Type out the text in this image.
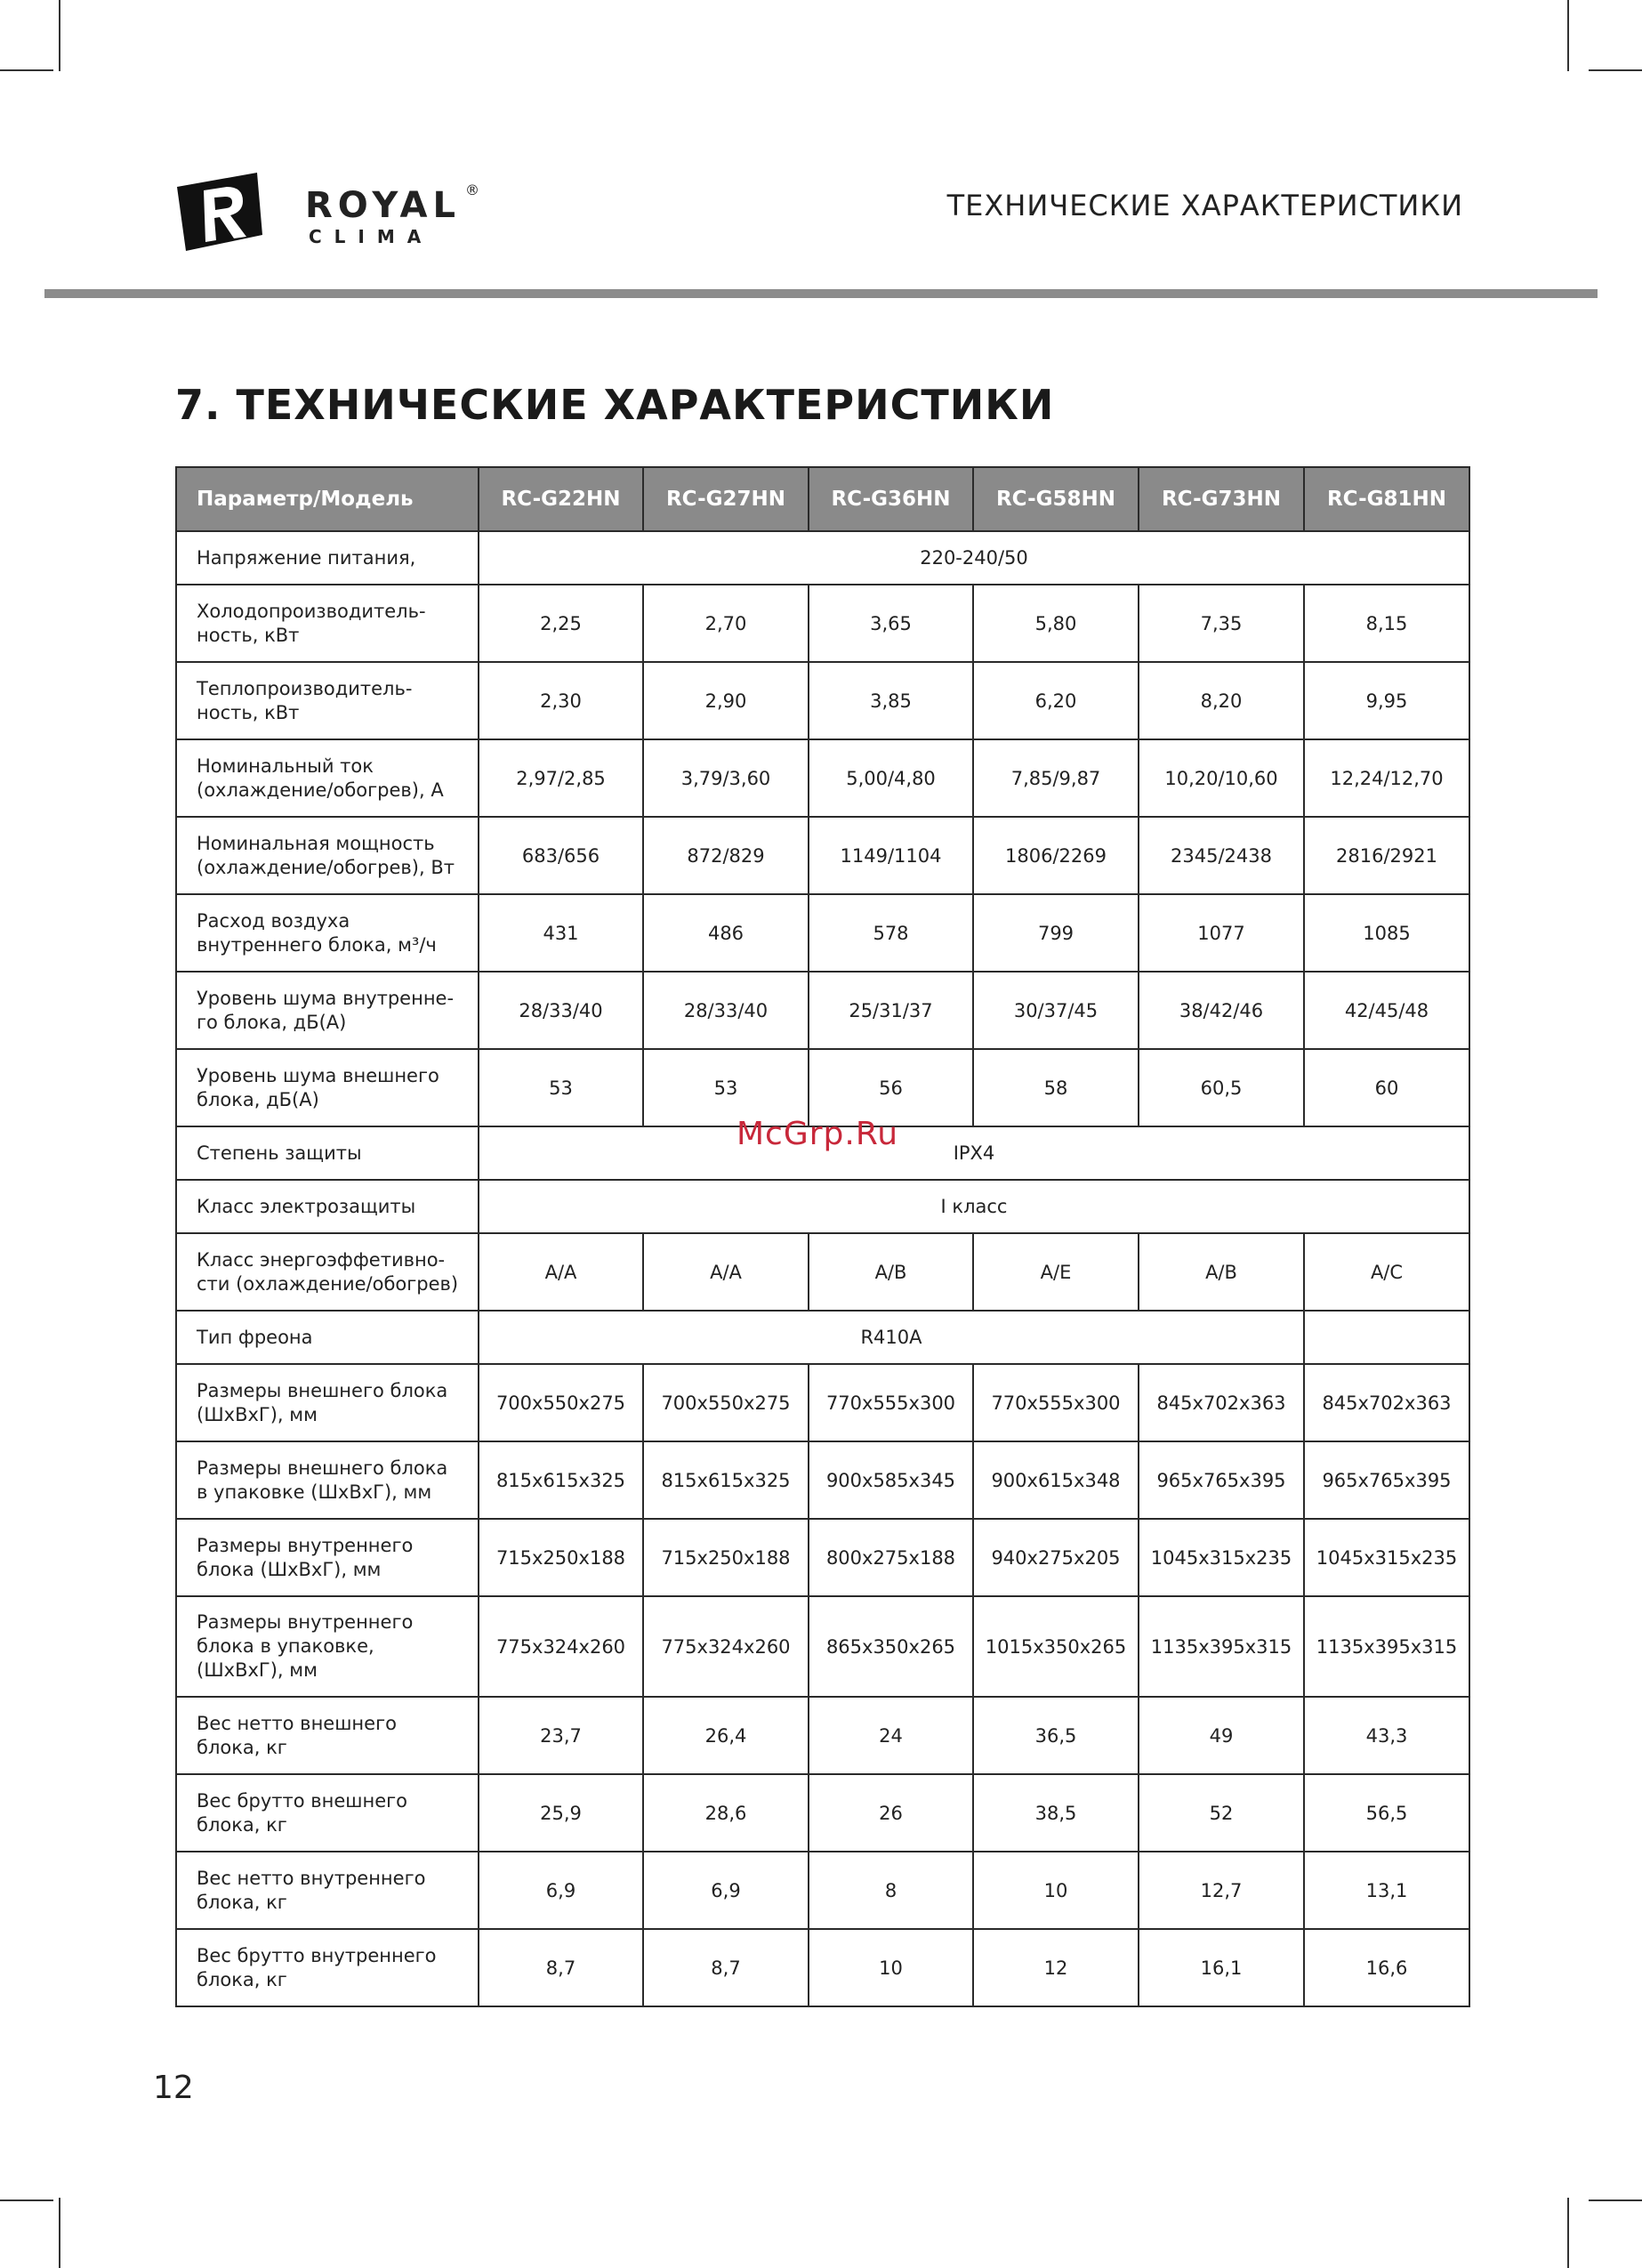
ROYAL ®
CLIMA
ТЕХНИЧЕСКИЕ ХАРАКТЕРИСТИКИ
7. ТЕХНИЧЕСКИЕ ХАРАКТЕРИСТИКИ
Параметр/Модель	RC-G22HN	RC-G27HN	RC-G36HN	RC-G58HN	RC-G73HN	RC-G81HN

Напряжение питания,	220-240/50					

Холодопроизводитель-
ность, кВт	2,25	2,70	3,65	5,80	7,35	8,15

Теплопроизводитель-
ность, кВт	2,30	2,90	3,85	6,20	8,20	9,95

Номинальный ток
(охлаждение/обогрев), А	2,97/2,85	3,79/3,60	5,00/4,80	7,85/9,87	10,20/10,60	12,24/12,70

Номинальная мощность
(охлаждение/обогрев), Вт	683/656	872/829	1149/1104	1806/2269	2345/2438	2816/2921

Расход воздуха
внутреннего блока, м³/ч	431	486	578	799	1077	1085

Уровень шума внутренне-
го блока, дБ(А)	28/33/40	28/33/40	25/31/37	30/37/45	38/42/46	42/45/48

Уровень шума внешнего
блока, дБ(А)	53	53	56	58	60,5	60

Степень защиты	IPX4					

Класс электрозащиты	I класс					

Класс энергоэффетивно-
сти (охлаждение/обогрев)	A/A	A/A	A/B	A/E	A/B	A/C

Тип фреона	R410A					

Размеры внешнего блока
(ШхВхГ), мм	700x550x275	700x550x275	770x555x300	770x555x300	845x702x363	845x702x363

Размеры внешнего блока
в упаковке (ШхВхГ), мм	815x615x325	815x615x325	900x585x345	900x615x348	965x765x395	965x765x395

Размеры внутреннего
блока (ШхВхГ), мм	715x250x188	715x250x188	800x275x188	940x275x205	1045x315x235	1045x315x235

Размеры внутреннего
блока в упаковке,
(ШхВхГ), мм	775x324x260	775x324x260	865x350x265	1015x350x265	1135x395x315	1135x395x315

Вес нетто внешнего
блока, кг	23,7	26,4	24	36,5	49	43,3

Вес брутто внешнего
блока, кг	25,9	28,6	26	38,5	52	56,5

Вес нетто внутреннего
блока, кг	6,9	6,9	8	10	12,7	13,1

Вес брутто внутреннего
блока, кг	8,7	8,7	10	12	16,1	16,6
McGrp.Ru
12
